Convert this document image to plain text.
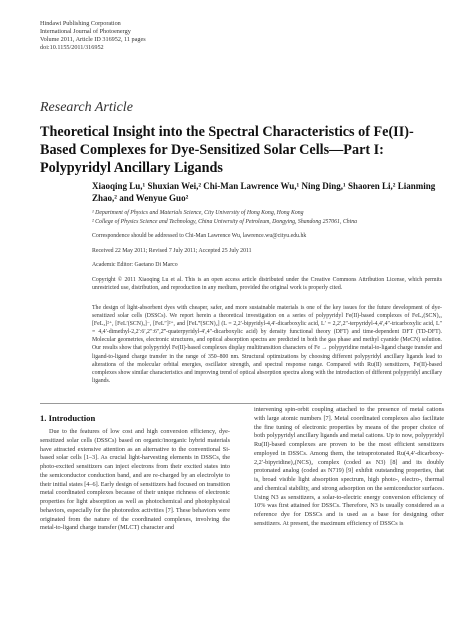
Hindawi Publishing Corporation
International Journal of Photoenergy
Volume 2011, Article ID 316952, 11 pages
doi:10.1155/2011/316952
Research Article
Theoretical Insight into the Spectral Characteristics of Fe(II)-Based Complexes for Dye-Sensitized Solar Cells—Part I: Polypyridyl Ancillary Ligands
Xiaoqing Lu,¹ Shuxian Wei,² Chi-Man Lawrence Wu,¹ Ning Ding,¹ Shaoren Li,² Lianming Zhao,² and Wenyue Guo²
¹ Department of Physics and Materials Science, City University of Hong Kong, Hong Kong
² College of Physics Science and Technology, China University of Petroleum, Dongying, Shandong 257061, China
Correspondence should be addressed to Chi-Man Lawrence Wu, lawrence.wu@cityu.edu.hk
Received 22 May 2011; Revised 7 July 2011; Accepted 25 July 2011
Academic Editor: Gaetano Di Marco
Copyright © 2011 Xiaoqing Lu et al. This is an open access article distributed under the Creative Commons Attribution License, which permits unrestricted use, distribution, and reproduction in any medium, provided the original work is properly cited.
The design of light-absorbent dyes with cheaper, safer, and more sustainable materials is one of the key issues for the future development of dye-sensitized solar cells (DSSCs). We report herein a theoretical investigation on a series of polypyridyl Fe(II)-based complexes of FeL₂(SCN)₂, [FeL₃]²⁺, [FeL′(SCN)₃]⁻, [FeL″]²⁺, and [FeL‴(SCN)₂] (L = 2,2′-bipyridyl-4,4′-dicarboxylic acid, L′ = 2,2′,2″-terpyridyl-4,4′,4″-tricarboxylic acid, L″ = 4,4′-dimethyl-2,2′:6′,2″:6″,2‴-quaterpyridyl-4′,4″-dicarboxylic acid) by density functional theory (DFT) and time-dependent DFT (TD-DFT). Molecular geometries, electronic structures, and optical absorption spectra are predicted in both the gas phase and methyl cyanide (MeCN) solution. Our results show that polypyridyl Fe(II)-based complexes display multitransition characters of Fe → polypyridine metal-to-ligand charge transfer and ligand-to-ligand charge transfer in the range of 350–800 nm. Structural optimizations by choosing different polypyridyl ancillary ligands lead to alterations of the molecular orbital energies, oscillator strength, and spectral response range. Compared with Ru(II) sensitizers, Fe(II)-based complexes show similar characteristics and improving trend of optical absorption spectra along with the introduction of different polypyridyl ancillary ligands.
1. Introduction
Due to the features of low cost and high conversion efficiency, dye-sensitized solar cells (DSSCs) based on organic/inorganic hybrid materials have attracted extensive attention as an alternative to the conventional Si-based solar cells [1–3]. As crucial light-harvesting elements in DSSCs, the photo-excited sensitizers can inject electrons from their excited states into the semiconductor conduction band, and are re-charged by an electrolyte to their initial states [4–6]. Early design of sensitizers had focused on transition metal coordinated complexes because of their unique richness of electronic properties for light absorption as well as photochemical and photophysical behaviors, especially for the photoredox activities [7]. These behaviors were originated from the nature of the coordinated complexes, involving the metal-to-ligand charge transfer (MLCT) character and
intervening spin-orbit coupling attached to the presence of metal cations with large atomic numbers [7]. Metal coordinated complexes also facilitate the fine tuning of electronic properties by means of the proper choice of both polypyridyl ancillary ligands and metal cations. Up to now, polypyridyl Ru(II)-based complexes are proven to be the most efficient sensitizers employed in DSSCs. Among them, the tetraprotonated Ru(4,4′-dicarboxy-2,2′-bipyridine)₂(NCS)₂ complex (coded as N3) [8] and its doubly protonated analog (coded as N719) [9] exhibit outstanding properties, that is, broad visible light absorption spectrum, high photo-, electro-, thermal and chemical stability, and strong adsorption on the semiconductor surfaces. Using N3 as sensitizers, a solar-to-electric energy conversion efficiency of 10% was first attained for DSSCs. Therefore, N3 is usually considered as a reference dye for DSSCs and is used as a base for designing other sensitizers. At present, the maximum efficiency of DSSCs is
